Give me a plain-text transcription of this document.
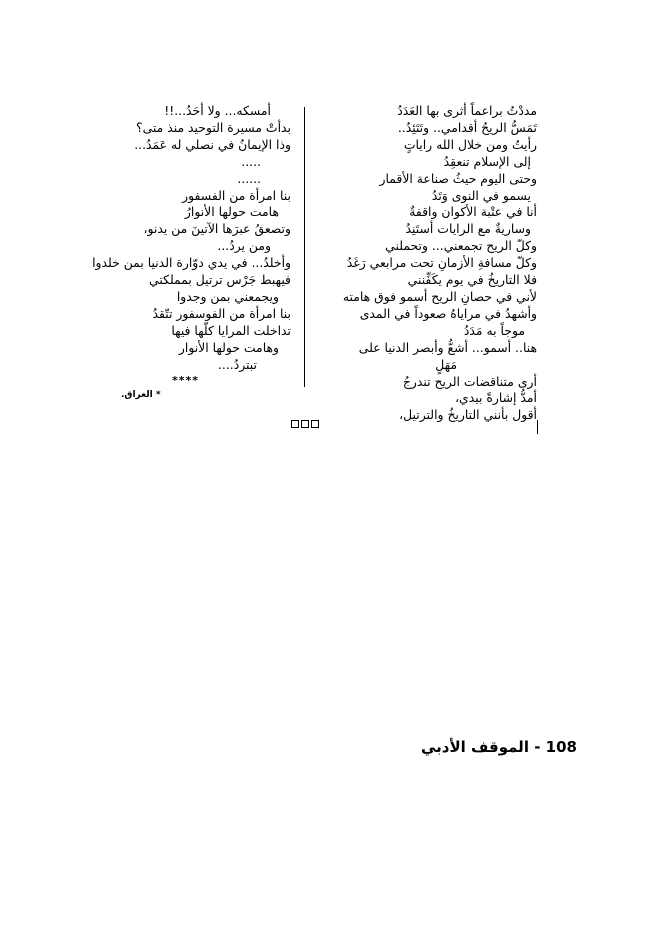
مددْتُ براعماً أثرى بها العَدَدُ
تَمَسُّ الريحُ أقدامي.. وتَتَئِدُ..
رأيتُ ومن خلال الله راياتٍ
إلى الإسلام تنعقِدُ
وحتى اليوم حيثُ صناعة الأقمار
يسمو في النوى وَتَدُ
أنا في عتْبة الأكوان واقفةٌ
وساريةٌ مع الرايات أستَنِدُ
وكلّ الريح تجمعني... وتحملني
وكلّ مسافةِ الأزمانِ تحت مرابعي رَغَدُ
فلا التاريخُ في يوم يكَفِّنني
لأني في حصانِ الريح أسمو فوق هامته
وأشهدُ في مراياهُ صعوداً في المدى
موجاً به مَدَدُ
هنا.. أسمو... أشعُّ وأبصر الدنيا على
مَهَلٍ
أرى متناقضات الريح تندرجُ
أمدُّ إشارةً بيدي،
أقول بأنني التاريخُ والترتيل،
أمسكه... ولا أحَدُ...!!
بدأتْ مسيرة التوحيد منذ متى؟
وذا الإيمانُ في نصلي له عَمَدُ...
.....
......
بنا امرأة من الفسفور
هامت حولها الأنوارُ
وتصعقُ عبرَها الآتينَ من يدنو،
ومن يردُ...
وأخلدُ... في يدي دوّارة الدنيا بمن خلدوا
فيهبط جَرْس ترتيل بمملكتي
ويجمعني بمن وجدوا
بنا امرأة من الفوسفور تتّقدُ
تداخلت المرايا كلّها فيها
وهامت حولها الأنوار
تبتردُ....
****
* العراق.
108 - الموقف الأدبي
